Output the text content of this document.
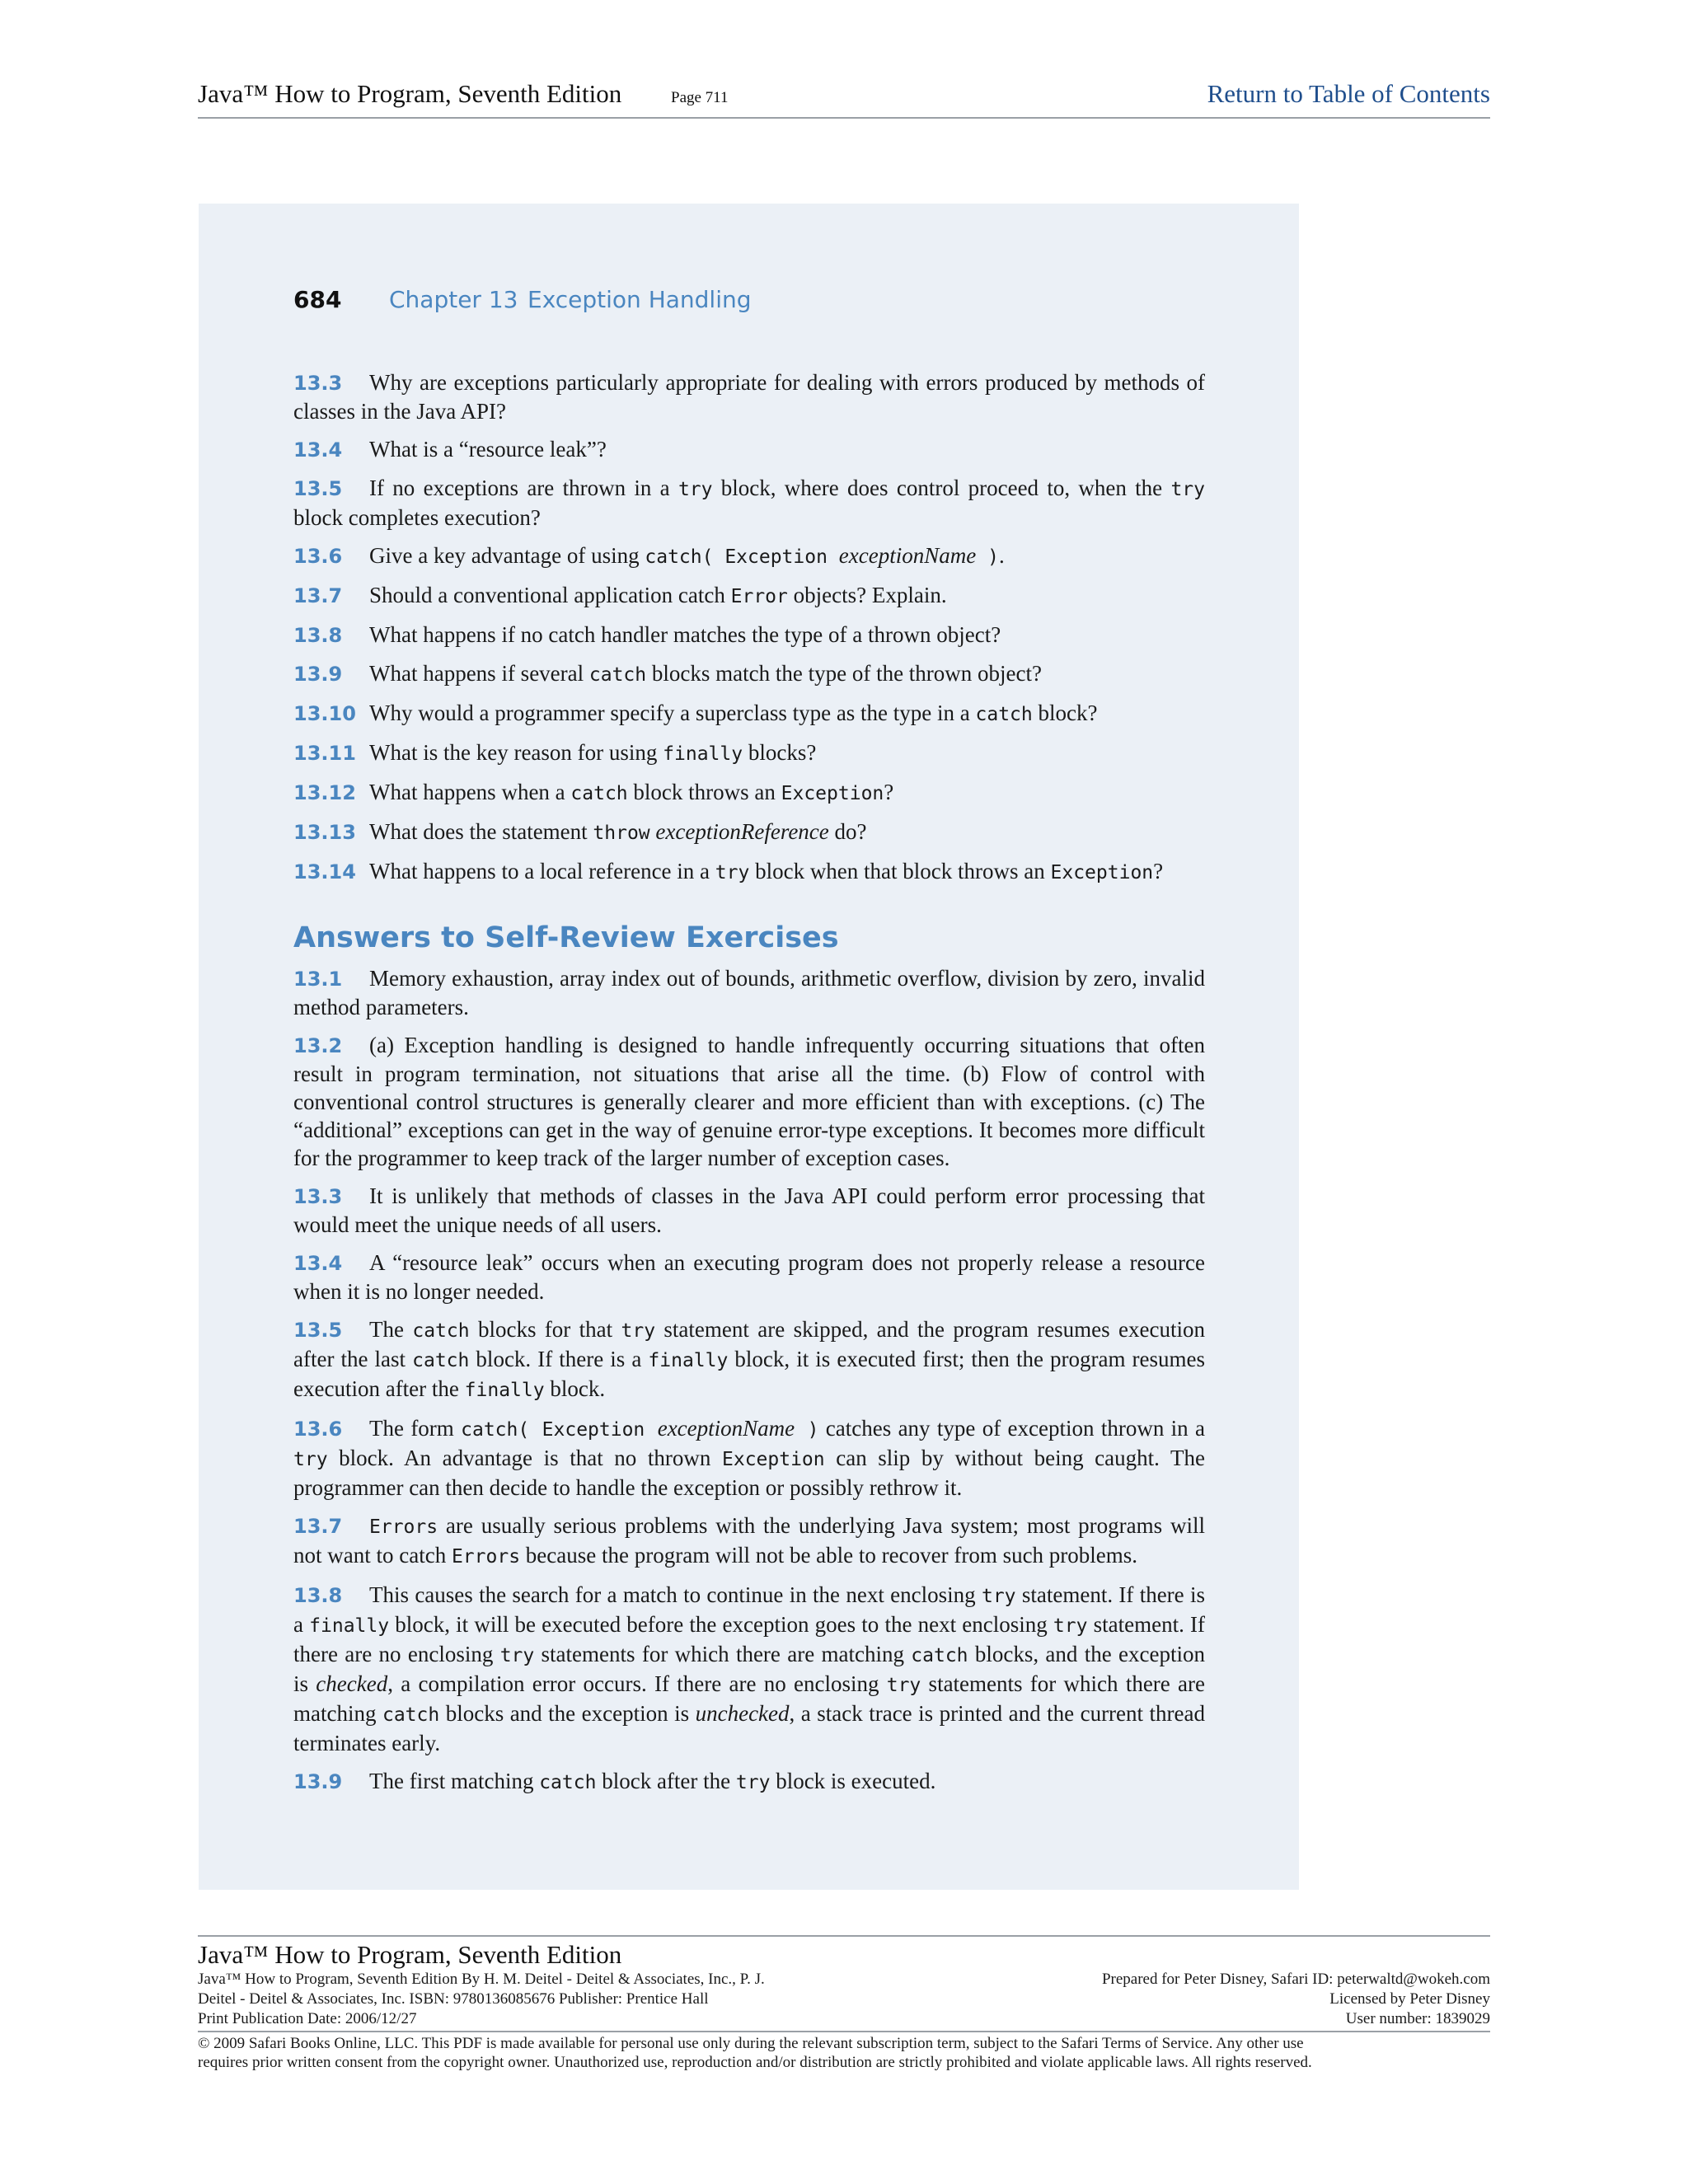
Java™ How to Program, Seventh Edition	Page 711	Return to Table of Contents
684 Chapter 13 Exception Handling

13.3 Why are exceptions particularly appropriate for dealing with errors produced by methods of classes in the Java API?

13.4 What is a “resource leak”?

13.5 If no exceptions are thrown in a try block, where does control proceed to, when the try block completes execution?

13.6 Give a key advantage of using catch( Exception exceptionName ).

13.7 Should a conventional application catch Error objects? Explain.

13.8 What happens if no catch handler matches the type of a thrown object?

13.9 What happens if several catch blocks match the type of the thrown object?

13.10 Why would a programmer specify a superclass type as the type in a catch block?

13.11 What is the key reason for using finally blocks?

13.12 What happens when a catch block throws an Exception?

13.13 What does the statement throw exceptionReference do?

13.14 What happens to a local reference in a try block when that block throws an Exception?

Answers to Self-Review Exercises

13.1 Memory exhaustion, array index out of bounds, arithmetic overflow, division by zero, invalid method parameters.

13.2 (a) Exception handling is designed to handle infrequently occurring situations that often result in program termination, not situations that arise all the time. (b) Flow of control with conventional control structures is generally clearer and more efficient than with exceptions. (c) The “additional” exceptions can get in the way of genuine error-type exceptions. It becomes more difficult for the programmer to keep track of the larger number of exception cases.

13.3 It is unlikely that methods of classes in the Java API could perform error processing that would meet the unique needs of all users.

13.4 A “resource leak” occurs when an executing program does not properly release a resource when it is no longer needed.

13.5 The catch blocks for that try statement are skipped, and the program resumes execution after the last catch block. If there is a finally block, it is executed first; then the program resumes execution after the finally block.

13.6 The form catch( Exception exceptionName ) catches any type of exception thrown in a try block. An advantage is that no thrown Exception can slip by without being caught. The programmer can then decide to handle the exception or possibly rethrow it.

13.7 Errors are usually serious problems with the underlying Java system; most programs will not want to catch Errors because the program will not be able to recover from such problems.

13.8 This causes the search for a match to continue in the next enclosing try statement. If there is a finally block, it will be executed before the exception goes to the next enclosing try statement. If there are no enclosing try statements for which there are matching catch blocks, and the exception is checked, a compilation error occurs. If there are no enclosing try statements for which there are matching catch blocks and the exception is unchecked, a stack trace is printed and the current thread terminates early.

13.9 The first matching catch block after the try block is executed.

Java™ How to Program, Seventh Edition
Java™ How to Program, Seventh Edition By H. M. Deitel - Deitel & Associates, Inc., P. J.	Prepared for Peter Disney, Safari ID: peterwaltd@wokeh.com
Deitel - Deitel & Associates, Inc. ISBN: 9780136085676 Publisher: Prentice Hall	Licensed by Peter Disney
Print Publication Date: 2006/12/27	User number: 1839029
© 2009 Safari Books Online, LLC. This PDF is made available for personal use only during the relevant subscription term, subject to the Safari Terms of Service. Any other use
requires prior written consent from the copyright owner. Unauthorized use, reproduction and/or distribution are strictly prohibited and violate applicable laws. All rights reserved.
